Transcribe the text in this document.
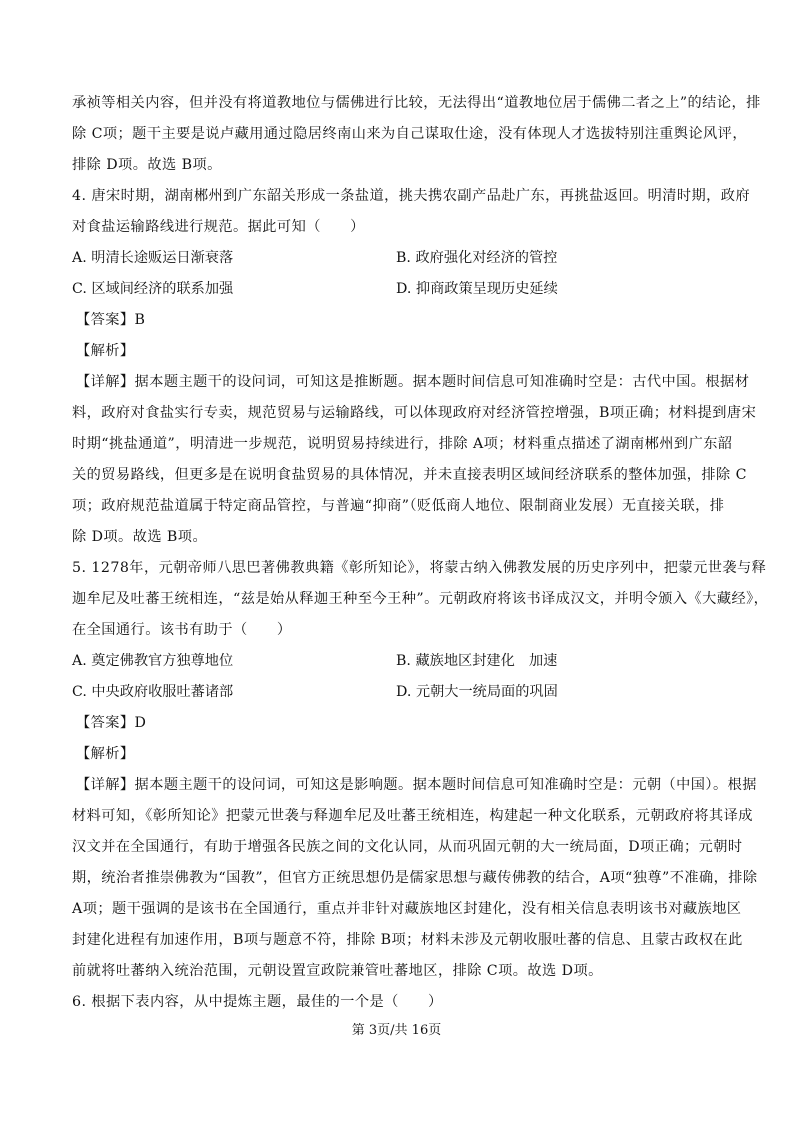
承祯等相关内容，但并没有将道教地位与儒佛进行比较，无法得出“道教地位居于儒佛二者之上”的结论，排
除 C项；题干主要是说卢藏用通过隐居终南山来为自己谋取仕途，没有体现人才选拔特别注重舆论风评，
排除 D项。故选 B项。
4. 唐宋时期，湖南郴州到广东韶关形成一条盐道，挑夫携农副产品赴广东，再挑盐返回。明清时期，政府
对食盐运输路线进行规范。据此可知（　　）
A. 明清长途贩运日渐衰落	B. 政府强化对经济的管控
C. 区域间经济的联系加强	D. 抑商政策呈现历史延续
【答案】B
【解析】
【详解】据本题主题干的设问词，可知这是推断题。据本题时间信息可知准确时空是：古代中国。根据材
料，政府对食盐实行专卖，规范贸易与运输路线，可以体现政府对经济管控增强，B项正确；材料提到唐宋
时期“挑盐通道”，明清进一步规范，说明贸易持续进行，排除 A项；材料重点描述了湖南郴州到广东韶
关的贸易路线，但更多是在说明食盐贸易的具体情况，并未直接表明区域间经济联系的整体加强，排除 C
项；政府规范盐道属于特定商品管控，与普遍“抑商”（贬低商人地位、限制商业发展）无直接关联，排
除 D项。故选 B项。
5. 1278年，元朝帝师八思巴著佛教典籍《彰所知论》，将蒙古纳入佛教发展的历史序列中，把蒙元世袭与释
迦牟尼及吐蕃王统相连，“兹是始从释迦王种至今王种”。元朝政府将该书译成汉文，并明令颁入《大藏经》，
在全国通行。该书有助于（　　）
A. 奠定佛教官方独尊地位	B. 藏族地区封建化　加速
C. 中央政府收服吐蕃诸部	D. 元朝大一统局面的巩固
【答案】D
【解析】
【详解】据本题主题干的设问词，可知这是影响题。据本题时间信息可知准确时空是：元朝（中国）。根据
材料可知，《彰所知论》把蒙元世袭与释迦牟尼及吐蕃王统相连，构建起一种文化联系，元朝政府将其译成
汉文并在全国通行，有助于增强各民族之间的文化认同，从而巩固元朝的大一统局面，D项正确；元朝时
期，统治者推崇佛教为“国教”，但官方正统思想仍是儒家思想与藏传佛教的结合，A项“独尊”不准确，排除
A项；题干强调的是该书在全国通行，重点并非针对藏族地区封建化，没有相关信息表明该书对藏族地区
封建化进程有加速作用，B项与题意不符，排除 B项；材料未涉及元朝收服吐蕃的信息、且蒙古政权在此
前就将吐蕃纳入统治范围，元朝设置宣政院兼管吐蕃地区，排除 C项。故选 D项。
6. 根据下表内容，从中提炼主题，最佳的一个是（　　）
第 3页/共 16页
